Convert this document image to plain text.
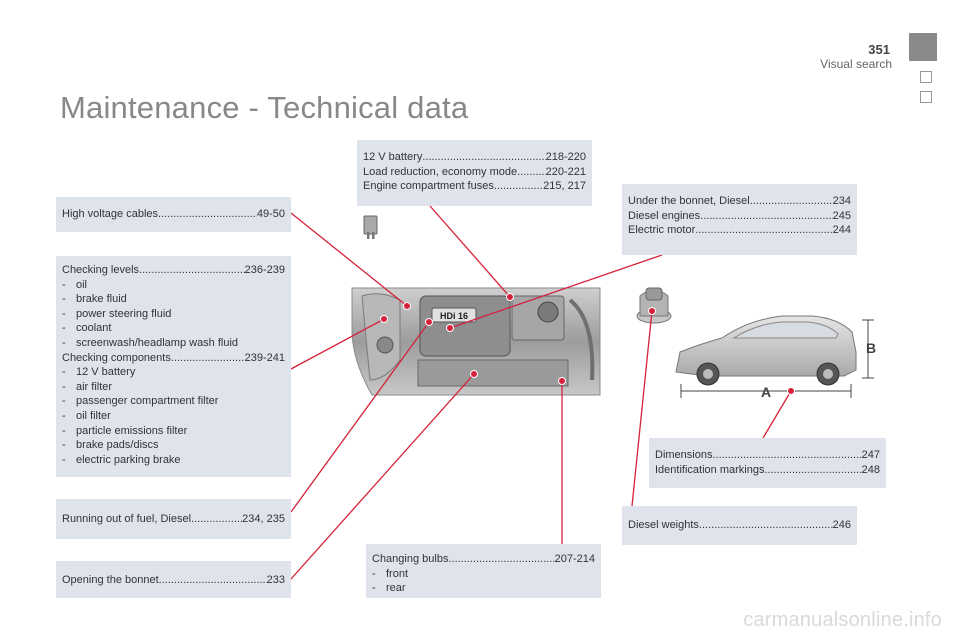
351
Visual search
Maintenance - Technical data
HDi 16
A
B
High voltage cables .....	49-50
Checking levels .....	236-239
- oil
- brake fluid
- power steering fluid
- coolant
- screenwash/headlamp wash fluid
Checking components .....	239-241
- 12 V battery
- air filter
- passenger compartment filter
- oil filter
- particle emissions filter
- brake pads/discs
- electric parking brake
Running out of fuel, Diesel .....	234, 235
Opening the bonnet .....	233
12 V battery .....	218-220
Load reduction, economy mode .....	220-221
Engine compartment fuses .....	215, 217
Changing bulbs .....	207-214
- front
- rear
Under the bonnet, Diesel .....	234
Diesel engines .....	245
Electric motor .....	244
Dimensions .....	247
Identification markings .....	248
Diesel weights .....	246
carmanualsonline.info
